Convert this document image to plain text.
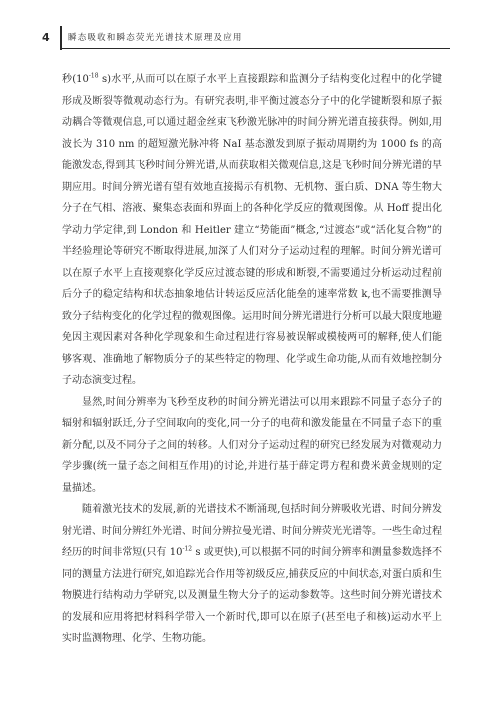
4 瞬态吸收和瞬态荧光光谱技术原理及应用

秒($10^{-18}$ s)水平,从而可以在原子水平上直接跟踪和监测分子结构变化过程中的化学键形成及断裂等微观动态行为。有研究表明,非平衡过渡态分子中的化学键断裂和原子振动耦合等微观信息,可以通过超金丝束飞秒激光脉冲的时间分辨光谱直接获得。例如,用波长为 310 nm 的超短激光脉冲将 NaI 基态激发到原子振动周期约为 1000 fs 的高能激发态,得到其飞秒时间分辨光谱,从而获取相关微观信息,这是飞秒时间分辨光谱的早期应用。时间分辨光谱有望有效地直接揭示有机物、无机物、蛋白质、DNA 等生物大分子在气相、溶液、聚集态表面和界面上的各种化学反应的微观图像。从 Hoff 提出化学动力学定律,到 London 和 Heitler 建立“势能面”概念,“过渡态”或“活化复合物”的半经验理论等研究不断取得进展,加深了人们对分子运动过程的理解。时间分辨光谱可以在原子水平上直接观察化学反应过渡态键的形成和断裂,不需要通过分析运动过程前后分子的稳定结构和状态抽象地估计转运反应活化能垒的速率常数 k,也不需要推测导致分子结构变化的化学过程的微观图像。运用时间分辨光谱进行分析可以最大限度地避免因主观因素对各种化学现象和生命过程进行容易被误解或模棱两可的解释,使人们能够客观、准确地了解物质分子的某些特定的物理、化学或生命功能,从而有效地控制分子动态演变过程。

显然,时间分辨率为飞秒至皮秒的时间分辨光谱法可以用来跟踪不同量子态分子的辐射和辐射跃迁,分子空间取向的变化,同一分子的电荷和激发能量在不同量子态下的重新分配,以及不同分子之间的转移。人们对分子运动过程的研究已经发展为对微观动力学步骤(统一量子态之间相互作用)的讨论,并进行基于薛定谔方程和费米黄金规则的定量描述。

随着激光技术的发展,新的光谱技术不断涌现,包括时间分辨吸收光谱、时间分辨发射光谱、时间分辨红外光谱、时间分辨拉曼光谱、时间分辨荧光光谱等。一些生命过程经历的时间非常短(只有 $10^{-12}$ s 或更快),可以根据不同的时间分辨率和测量参数选择不同的测量方法进行研究,如追踪光合作用等初级反应,捕获反应的中间状态,对蛋白质和生物膜进行结构动力学研究,以及测量生物大分子的运动参数等。这些时间分辨光谱技术的发展和应用将把材料科学带入一个新时代,即可以在原子(甚至电子和核)运动水平上实时监测物理、化学、生物功能。
